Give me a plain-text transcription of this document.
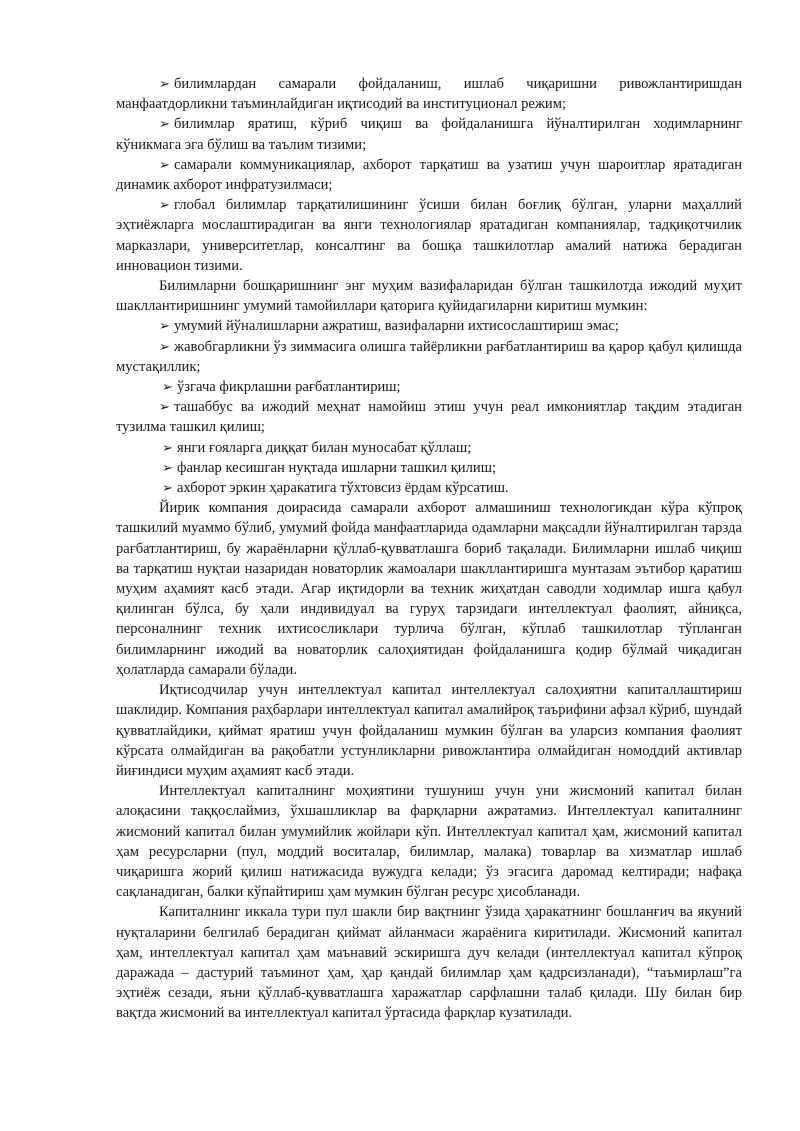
➢ билимлардан самарали фойдаланиш, ишлаб чиқаришни ривожлантиришдан манфаатдорликни таъминлайдиган иқтисодий ва институционал режим;

➢ билимлар яратиш, кўриб чиқиш ва фойдаланишга йўналтирилган ходимларнинг кўникмага эга бўлиш ва таълим тизими;

➢ самарали коммуникациялар, ахборот тарқатиш ва узатиш учун шароитлар яратадиган динамик ахборот инфратузилмаси;

➢ глобал билимлар тарқатилишининг ўсиши билан боғлиқ бўлган, уларни маҳаллий эҳтиёжларга мослаштирадиган ва янги технологиялар яратадиган компаниялар, тадқиқотчилик марказлари, университетлар, консалтинг ва бошқа ташкилотлар амалий натижа берадиган инновацион тизими.

Билимларни бошқаришнинг энг муҳим вазифаларидан бўлган ташкилотда ижодий муҳит шакллантиришнинг умумий тамойиллари қаторига қуйидагиларни киритиш мумкин:

➢ умумий йўналишларни ажратиш, вазифаларни ихтисослаштириш эмас;

➢ жавобгарликни ўз зиммасига олишга тайёрликни рағбатлантириш ва қарор қабул қилишда мустақиллик;

➢ ўзгача фикрлашни рағбатлантириш;

➢ ташаббус ва ижодий меҳнат намойиш этиш учун реал имкониятлар тақдим этадиган тузилма ташкил қилиш;

➢ янги ғояларга диққат билан муносабат қўллаш;

➢ фанлар кесишган нуқтада ишларни ташкил қилиш;

➢ ахборот эркин ҳаракатига тўхтовсиз ёрдам кўрсатиш.

Йирик компания доирасида самарали ахборот алмашиниш технологикдан кўра кўпроқ ташкилий муаммо бўлиб, умумий фойда манфаатларида одамларни мақсадли йўналтирилган тарзда рағбатлантириш, бу жараёнларни қўллаб-қувватлашга бориб тақалади. Билимларни ишлаб чиқиш ва тарқатиш нуқтаи назаридан новаторлик жамоалари шакллантиришга мунтазам эътибор қаратиш муҳим аҳамият касб этади. Агар иқтидорли ва техник жиҳатдан саводли ходимлар ишга қабул қилинган бўлса, бу ҳали индивидуал ва гуруҳ тарзидаги интеллектуал фаолият, айниқса, персоналнинг техник ихтисосликлари турлича бўлган, кўплаб ташкилотлар тўпланган билимларнинг ижодий ва новаторлик салоҳиятидан фойдаланишга қодир бўлмай чиқадиган ҳолатларда самарали бўлади.

Иқтисодчилар учун интеллектуал капитал интеллектуал салоҳиятни капиталлаштириш шаклидир. Компания раҳбарлари интеллектуал капитал амалийроқ таърифини афзал кўриб, шундай қувватлайдики, қиймат яратиш учун фойдаланиш мумкин бўлган ва уларсиз компания фаолият кўрсата олмайдиган ва рақобатли устунликларни ривожлантира олмайдиган номоддий активлар йиғиндиси муҳим аҳамият касб этади.

Интеллектуал капиталнинг моҳиятини тушуниш учун уни жисмоний капитал билан алоқасини таққослаймиз, ўхшашликлар ва фарқларни ажратамиз. Интеллектуал капиталнинг жисмоний капитал билан умумийлик жойлари кўп. Интеллектуал капитал ҳам, жисмоний капитал ҳам ресурсларни (пул, моддий воситалар, билимлар, малака) товарлар ва хизматлар ишлаб чиқаришга жорий қилиш натижасида вужудга келади; ўз эгасига даромад келтиради; нафақа сақланадиган, балки кўпайтириш ҳам мумкин бўлган ресурс ҳисобланади.

Капиталнинг иккала тури пул шакли бир вақтнинг ўзида ҳаракатнинг бошланғич ва якуний нуқталарини белгилаб берадиган қиймат айланмаси жараёнига киритилади. Жисмоний капитал ҳам, интеллектуал капитал ҳам маънавий эскиришга дуч келади (интеллектуал капитал кўпроқ даражада – дастурий таъминот ҳам, ҳар қандай билимлар ҳам қадрсизланади), “таъмирлаш”га эҳтиёж сезади, яъни қўллаб-қувватлашга харажатлар сарфлашни талаб қилади. Шу билан бир вақтда жисмоний ва интеллектуал капитал ўртасида фарқлар кузатилади.
